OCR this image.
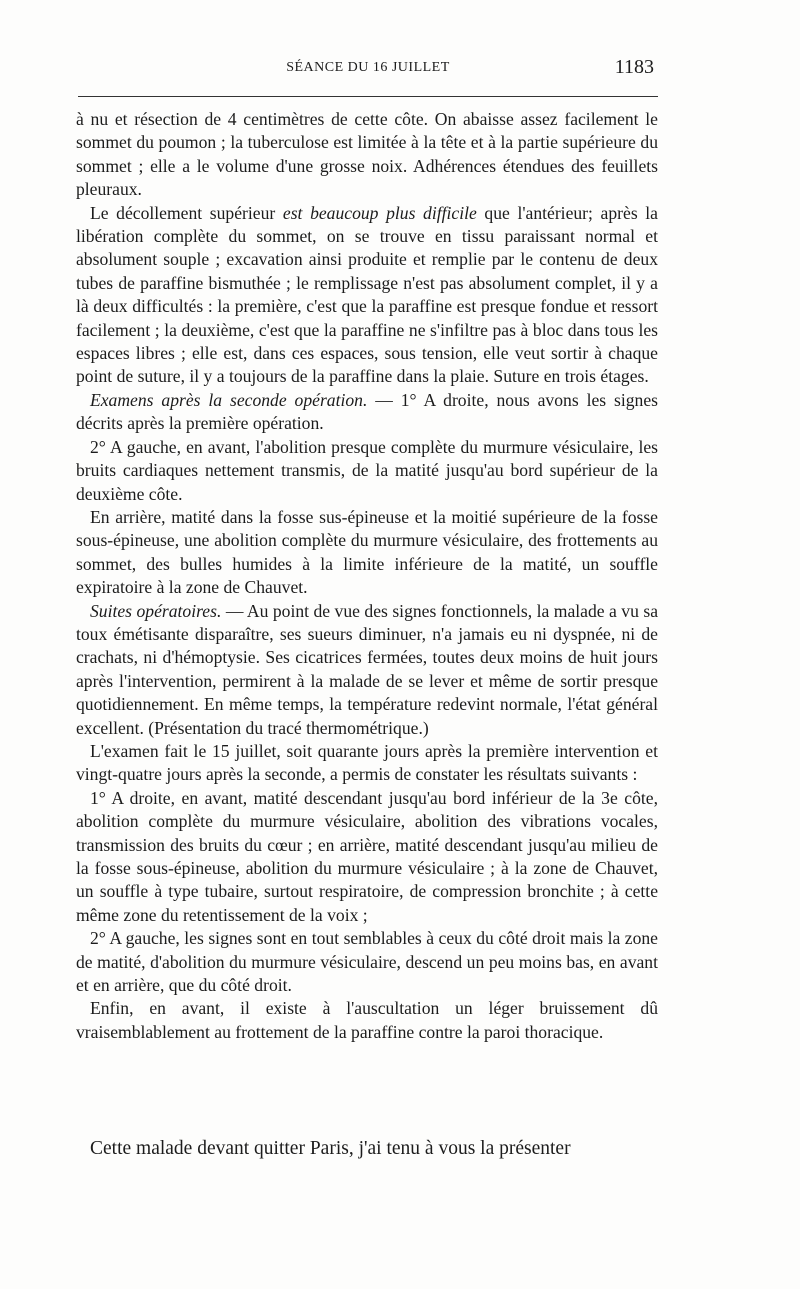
SÉANCE DU 16 JUILLET	1183

à nu et résection de 4 centimètres de cette côte. On abaisse assez facilement le sommet du poumon ; la tuberculose est limitée à la tête et à la partie supérieure du sommet ; elle a le volume d'une grosse noix. Adhérences étendues des feuillets pleuraux.

Le décollement supérieur est beaucoup plus difficile que l'antérieur; après la libération complète du sommet, on se trouve en tissu paraissant normal et absolument souple ; excavation ainsi produite et remplie par le contenu de deux tubes de paraffine bismuthée ; le remplissage n'est pas absolument complet, il y a là deux difficultés : la première, c'est que la paraffine est presque fondue et ressort facilement ; la deuxième, c'est que la paraffine ne s'infiltre pas à bloc dans tous les espaces libres ; elle est, dans ces espaces, sous tension, elle veut sortir à chaque point de suture, il y a toujours de la paraffine dans la plaie. Suture en trois étages.

Examens après la seconde opération. — 1° A droite, nous avons les signes décrits après la première opération.

2° A gauche, en avant, l'abolition presque complète du murmure vésiculaire, les bruits cardiaques nettement transmis, de la matité jusqu'au bord supérieur de la deuxième côte.

En arrière, matité dans la fosse sus-épineuse et la moitié supérieure de la fosse sous-épineuse, une abolition complète du murmure vésiculaire, des frottements au sommet, des bulles humides à la limite inférieure de la matité, un souffle expiratoire à la zone de Chauvet.

Suites opératoires. — Au point de vue des signes fonctionnels, la malade a vu sa toux émétisante disparaître, ses sueurs diminuer, n'a jamais eu ni dyspnée, ni de crachats, ni d'hémoptysie. Ses cicatrices fermées, toutes deux moins de huit jours après l'intervention, permirent à la malade de se lever et même de sortir presque quotidiennement. En même temps, la température redevint normale, l'état général excellent. (Présentation du tracé thermométrique.)

L'examen fait le 15 juillet, soit quarante jours après la première intervention et vingt-quatre jours après la seconde, a permis de constater les résultats suivants :

1° A droite, en avant, matité descendant jusqu'au bord inférieur de la 3e côte, abolition complète du murmure vésiculaire, abolition des vibrations vocales, transmission des bruits du cœur ; en arrière, matité descendant jusqu'au milieu de la fosse sous-épineuse, abolition du murmure vésiculaire ; à la zone de Chauvet, un souffle à type tubaire, surtout respiratoire, de compression bronchite ; à cette même zone du retentissement de la voix ;

2° A gauche, les signes sont en tout semblables à ceux du côté droit mais la zone de matité, d'abolition du murmure vésiculaire, descend un peu moins bas, en avant et en arrière, que du côté droit.

Enfin, en avant, il existe à l'auscultation un léger bruissement dû vraisemblablement au frottement de la paraffine contre la paroi thoracique.

Cette malade devant quitter Paris, j'ai tenu à vous la présenter
